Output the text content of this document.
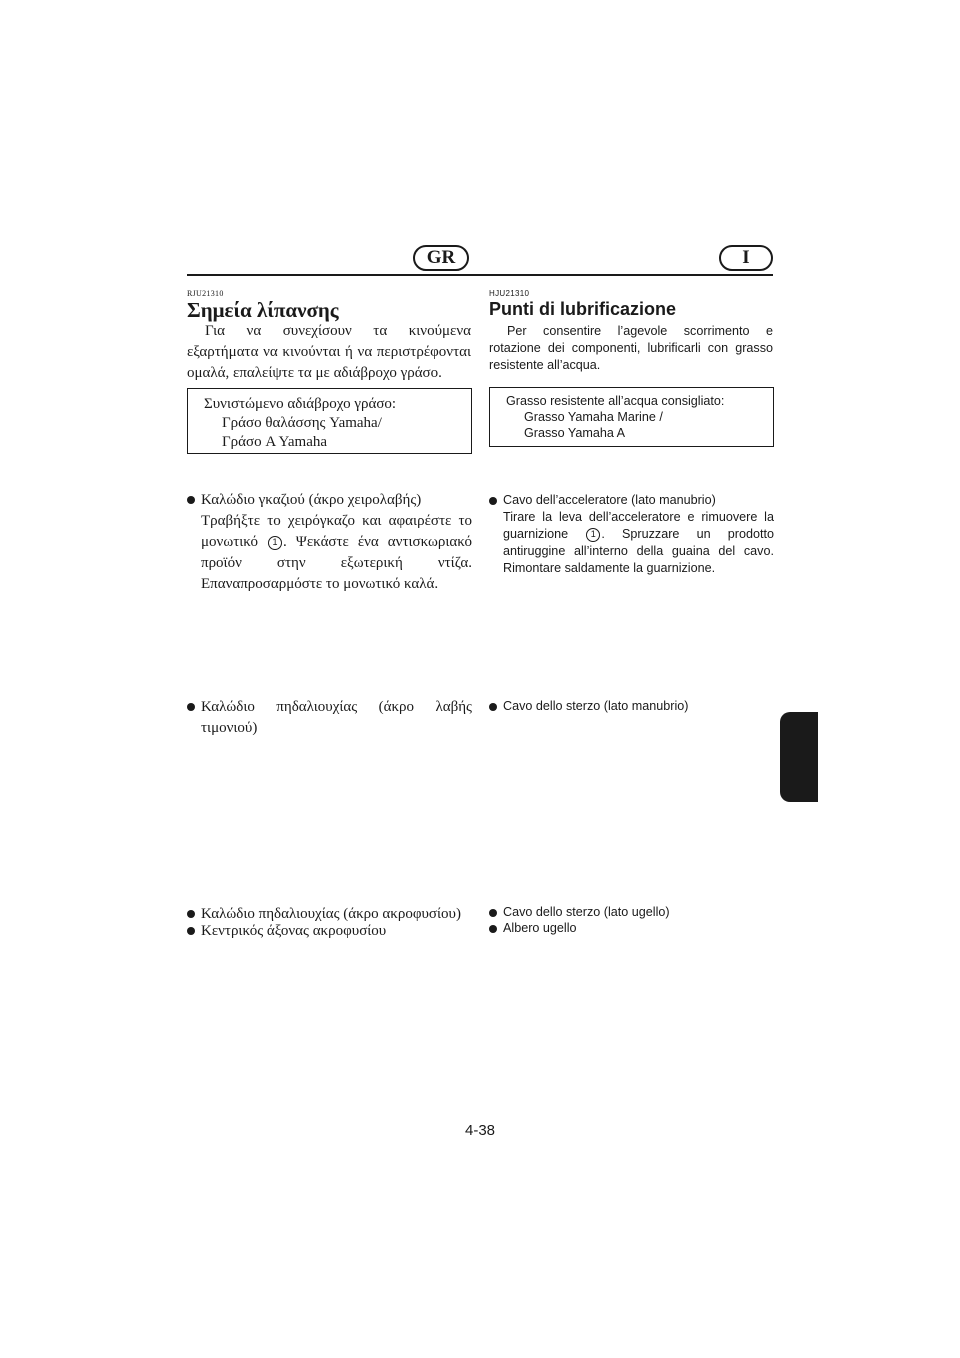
GR	I
RJU21310
Σημεία λίπανσης
Για να συνεχίσουν τα κινούμενα εξαρτήματα να κινούνται ή να περιστρέφονται ομαλά, επαλείψτε τα με αδιάβροχο γράσο.
Συνιστώμενο αδιάβροχο γράσο:
Γράσο θαλάσσης Yamaha/
Γράσο A Yamaha
Καλώδιο γκαζιού (άκρο χειρολαβής)
Τραβήξτε το χειρόγκαζο και αφαιρέστε το μονωτικό 1 . Ψεκάστε ένα αντισκωριακό προϊόν στην εξωτερική ντίζα. Επαναπροσαρμόστε το μονωτικό καλά.
Καλώδιο πηδαλιουχίας (άκρο λαβής τιμονιού)
Καλώδιο πηδαλιουχίας (άκρο ακροφυσίου)
Κεντρικός άξονας ακροφυσίου
HJU21310
Punti di lubrificazione
Per consentire l’agevole scorrimento e rotazione dei componenti, lubrificarli con grasso resistente all’acqua.
Grasso resistente all’acqua consigliato:
Grasso Yamaha Marine /
Grasso Yamaha A
Cavo dell’acceleratore (lato manubrio)
Tirare la leva dell’acceleratore e rimuovere la guarnizione	1 . Spruzzare un prodotto antiruggine all’interno della guaina del cavo. Rimontare saldamente la guarnizione.
Cavo dello sterzo (lato manubrio)
Cavo dello sterzo (lato ugello)
Albero ugello
4-38
